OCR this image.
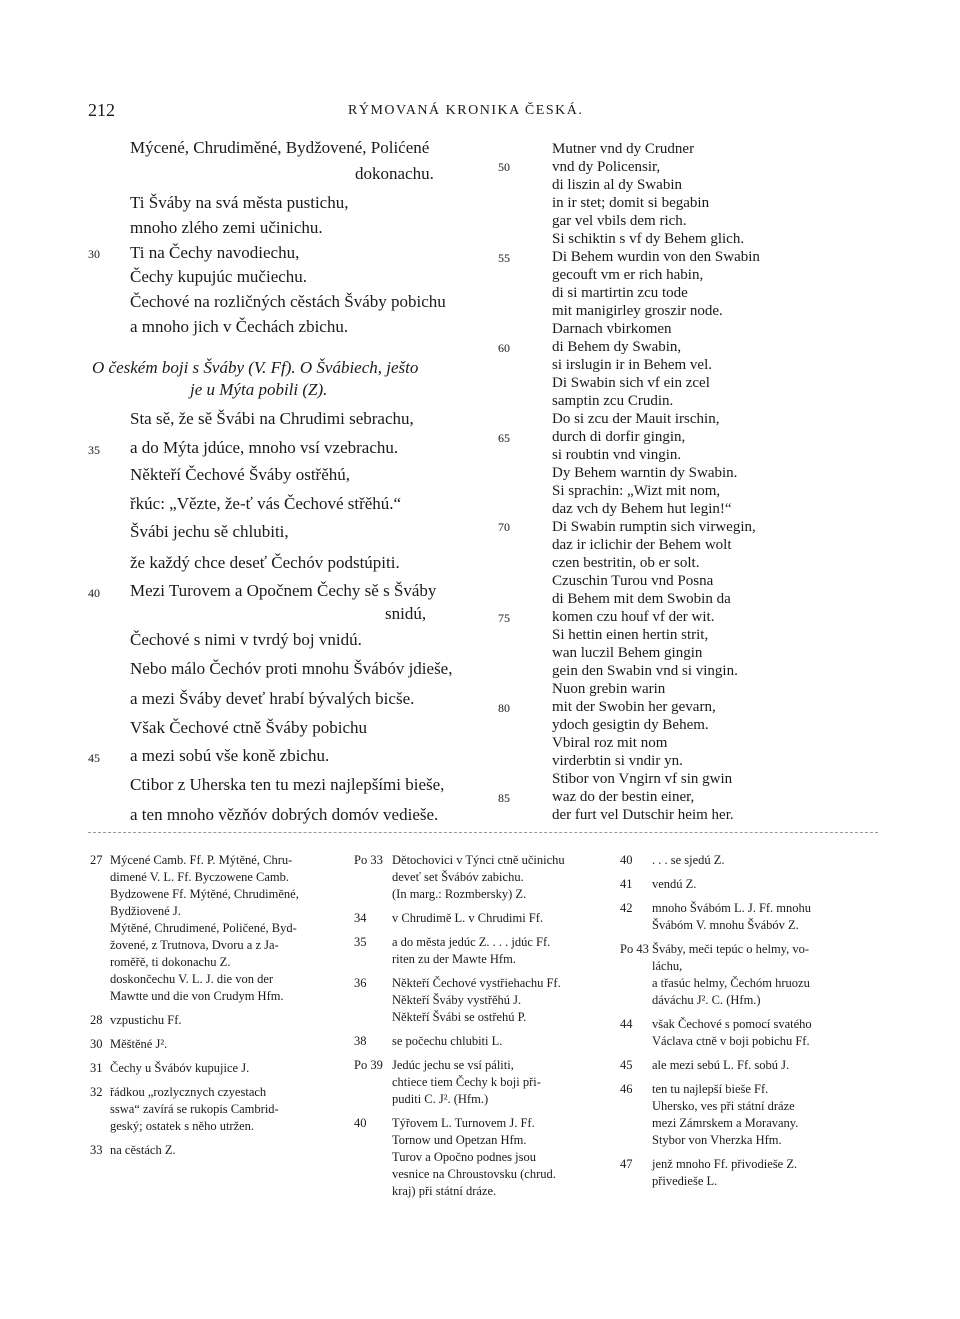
212	RÝMOVANÁ KRONIKA ČESKÁ.
Mýcené, Chrudiměné, Bydžovené, Polićené
dokonachu.
Ti Šváby na svá města pustichu,
mnoho zlého zemi učinichu.
Ti na Čechy navodiechu,
Čechy kupujúc mučiechu.
Čechové na rozličných cěstách Šváby pobichu
a mnoho jich v Čechách zbichu.
O českém boji s Šváby (V. Ff). O Švábiech, ješto
je u Mýta pobili (Z).
Sta sě, že sě Švábi na Chrudimi sebrachu,
a do Mýta jdúce, mnoho vsí vzebrachu.
Někteří Čechové Šváby ostřěhú,
řkúc: „Vězte, že-ť vás Čechové střěhú.“
Švábi jechu sě chlubiti,
že každý chce deseť Čechóv podstúpiti.
Mezi Turovem a Opočnem Čechy sě s Šváby
snidú,
Čechové s nimi v tvrdý boj vnidú.
Nebo málo Čechóv proti mnohu Švábóv jdieše,
a mezi Šváby deveť hrabí bývalých bicše.
Však Čechové ctně Šváby pobichu
a mezi sobú vše koně zbichu.
Ctibor z Uherska ten tu mezi najlepšími bieše,
a ten mnoho vězňóv dobrých domóv vedieše.
30
35
40
45
50
55
60
65
70
75
80
85
Mutner vnd dy Crudner
vnd dy Policensir,
di liszin al dy Swabin
in ir stet; domit si begabin
gar vel vbils dem rich.
Si schiktin s vf dy Behem glich.
Di Behem wurdin von den Swabin
gecouft vm er rich habin,
di si martirtin zcu tode
mit manigirley groszir node.
Darnach vbirkomen
di Behem dy Swabin,
si irslugin ir in Behem vel.
Di Swabin sich vf ein zcel
samptin zcu Crudin.
Do si zcu der Mauit irschin,
durch di dorfir gingin,
si roubtin vnd vingin.
Dy Behem warntin dy Swabin.
Si sprachin: „Wizt mit nom,
daz vch dy Behem hut legin!“
Di Swabin rumptin sich virwegin,
daz ir iclichir der Behem wolt
czen bestritin, ob er solt.
Czuschin Turou vnd Posna
di Behem mit dem Swobin da
komen czu houf vf der wit.
Si hettin einen hertin strit,
wan luczil Behem gingin
gein den Swabin vnd si vingin.
Nuon grebin warin
mit der Swobin her gevarn,
ydoch gesigtin dy Behem.
Vbiral roz mit nom
virderbtin si vndir yn.
Stibor von Vngirn vf sin gwin
waz do der bestin einer,
der furt vel Dutschir heim her.
27 Mýcené Camb. Ff. P. Mýtěné, Chru-
dimené V. L. Ff. Byczowene Camb.
Bydzowene Ff. Mýtěné, Chrudiměné,
Bydžiovené J.
Mýtěné, Chrudimené, Poličené, Byd-
žovené, z Trutnova, Dvoru a z Ja-
roměřě, ti dokonachu Z.
doskončechu V. L. J. die von der
Mawtte und die von Crudym Hfm.
28 vzpustichu Ff.
30 Měštěné J².
31 Čechy u Švábóv kupujice J.
32 řádkou „rozlycznych czyestach
sswa“ zavírá se rukopis Cambrid-
geský; ostatek s něho utržen.
33 na cěstách Z.
Po 33 Dětochovici v Týnci ctně učinichu
deveť set Švábóv zabichu.
(In marg.: Rozmbersky) Z.
34 v Chrudimě L. v Chrudimi Ff.
35 a do města jedúc Z. . . . jdúc Ff.
riten zu der Mawte Hfm.
36 Někteří Čechové vystřiehachu Ff.
Někteří Šváby vystřěhú J.
Někteří Švábi se ostřehú P.
38 se počechu chlubiti L.
Po 39 Jedúc jechu se vsí páliti,
chtiece tiem Čechy k boji při-
puditi C. J². (Hfm.)
40 Týřovem L. Turnovem J. Ff.
Tornow und Opetzan Hfm.
Turov a Opočno podnes jsou
vesnice na Chroustovsku (chrud.
kraj) při státní dráze.
40 . . . se sjedú Z.
41 vendú Z.
42 mnoho Švábóm L. J. Ff. mnohu
Švábóm V. mnohu Švábóv Z.
Po 43 Šváby, meči tepúc o helmy, vo-
láchu,
a třasúc helmy, Čechóm hruozu
dáváchu J². C. (Hfm.)
44 však Čechové s pomocí svatého
Václava ctně v boji pobichu Ff.
45 ale mezi sebú L. Ff. sobú J.
46 ten tu najlepší bieše Ff.
Uhersko, ves při státní dráze
mezi Zámrskem a Moravany.
Stybor von Vherzka Hfm.
47 jenž mnoho Ff. přivodieše Z.
přivedieše L.
